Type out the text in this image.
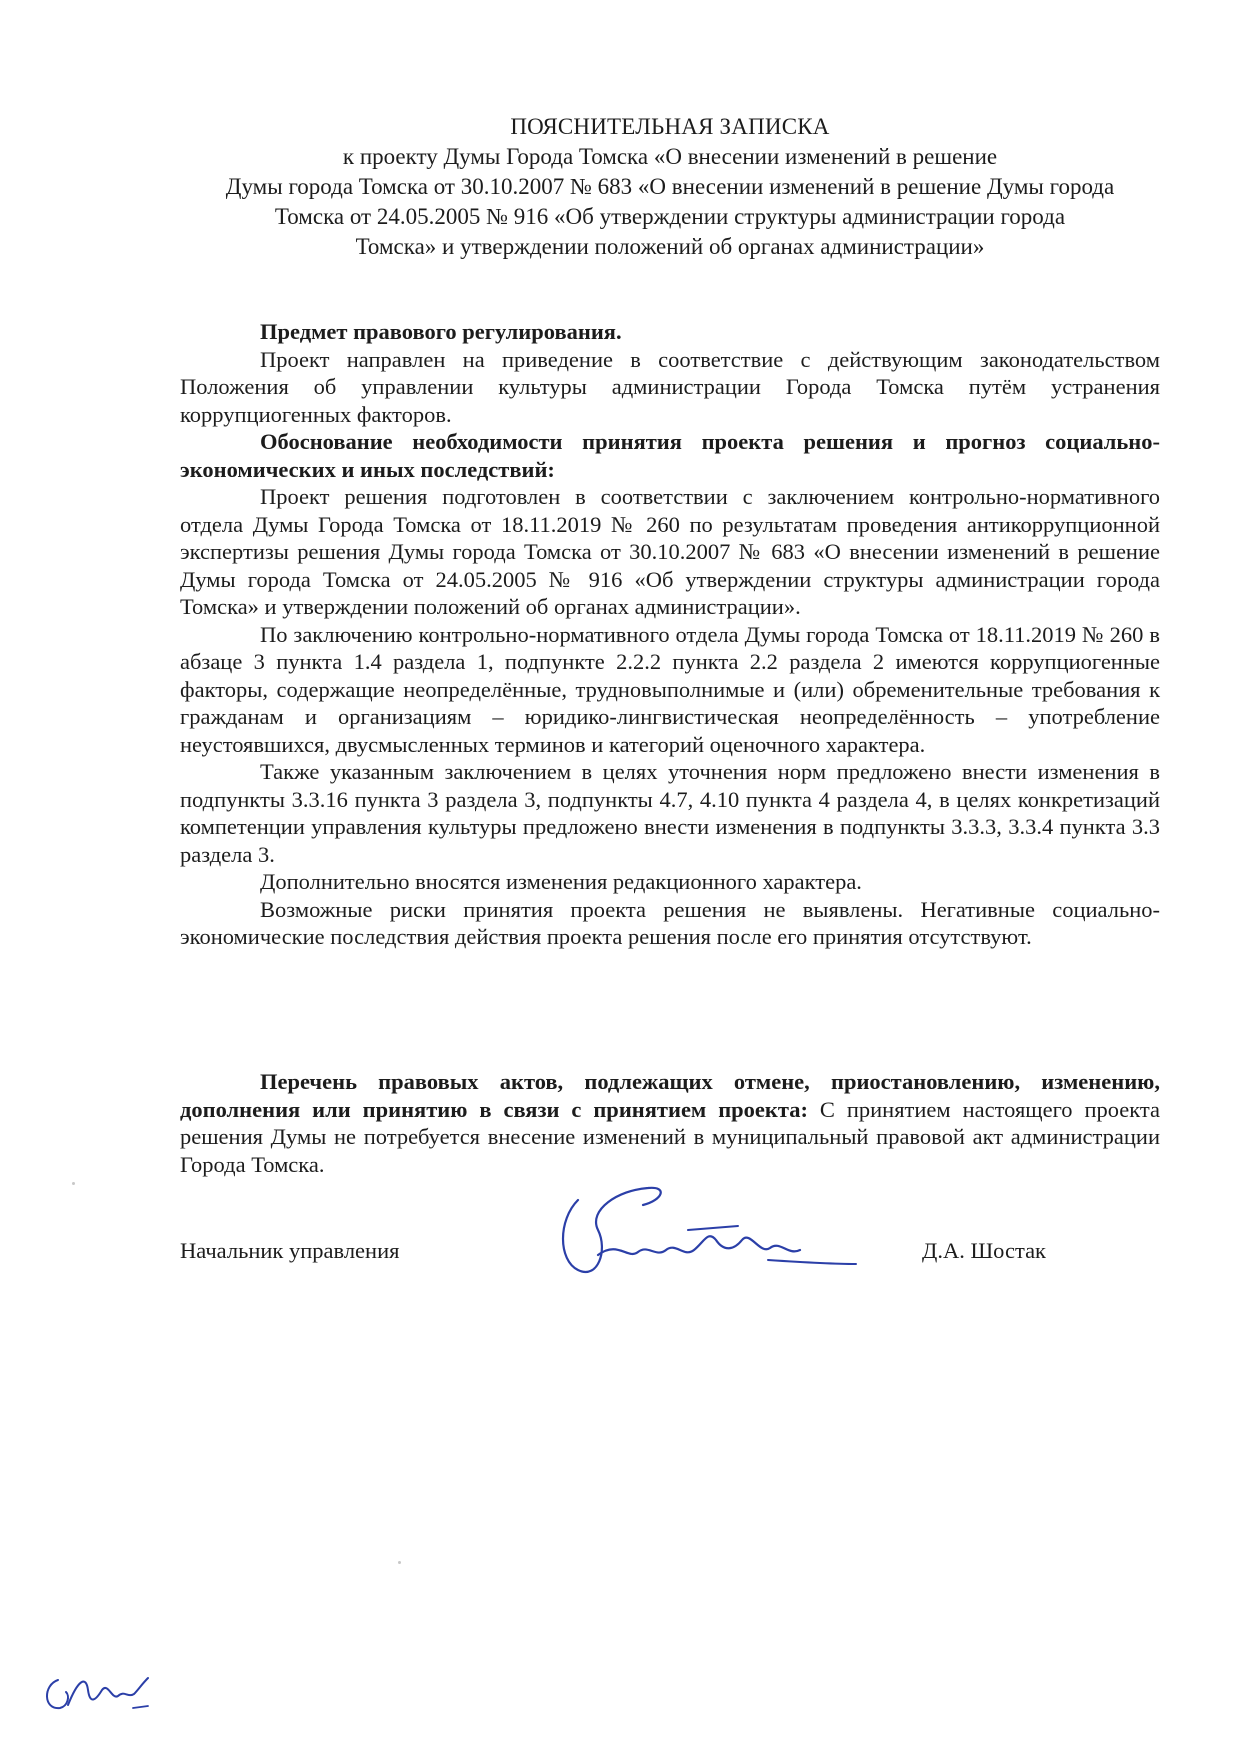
ПОЯСНИТЕЛЬНАЯ ЗАПИСКА
к проекту Думы Города Томска «О внесении изменений в решение
Думы города Томска от 30.10.2007 № 683 «О внесении изменений в решение Думы города
Томска от 24.05.2005 № 916 «Об утверждении структуры администрации города
Томска» и утверждении положений об органах администрации»

Предмет правового регулирования.

Проект направлен на приведение в соответствие с действующим законодательством Положения об управлении культуры администрации Города Томска путём устранения коррупциогенных факторов.

Обоснование необходимости принятия проекта решения и прогноз социально-экономических и иных последствий:

Проект решения подготовлен в соответствии с заключением контрольно-нормативного отдела Думы Города Томска от 18.11.2019 № 260 по результатам проведения антикоррупционной экспертизы решения Думы города Томска от 30.10.2007 № 683 «О внесении изменений в решение Думы города Томска от 24.05.2005 № 916 «Об утверждении структуры администрации города Томска» и утверждении положений об органах администрации».

По заключению контрольно-нормативного отдела Думы города Томска от 18.11.2019 № 260 в абзаце 3 пункта 1.4 раздела 1, подпункте 2.2.2 пункта 2.2 раздела 2 имеются коррупциогенные факторы, содержащие неопределённые, трудновыполнимые и (или) обременительные требования к гражданам и организациям – юридико-лингвистическая неопределённость – употребление неустоявшихся, двусмысленных терминов и категорий оценочного характера.

Также указанным заключением в целях уточнения норм предложено внести изменения в подпункты 3.3.16 пункта 3 раздела 3, подпункты 4.7, 4.10 пункта 4 раздела 4, в целях конкретизаций компетенции управления культуры предложено внести изменения в подпункты 3.3.3, 3.3.4 пункта 3.3 раздела 3.

Дополнительно вносятся изменения редакционного характера.

Возможные риски принятия проекта решения не выявлены. Негативные социально-экономические последствия действия проекта решения после его принятия отсутствуют.

Перечень правовых актов, подлежащих отмене, приостановлению, изменению, дополнения или принятию в связи с принятием проекта: С принятием настоящего проекта решения Думы не потребуется внесение изменений в муниципальный правовой акт администрации Города Томска.

Начальник управления	Д.А. Шостак
